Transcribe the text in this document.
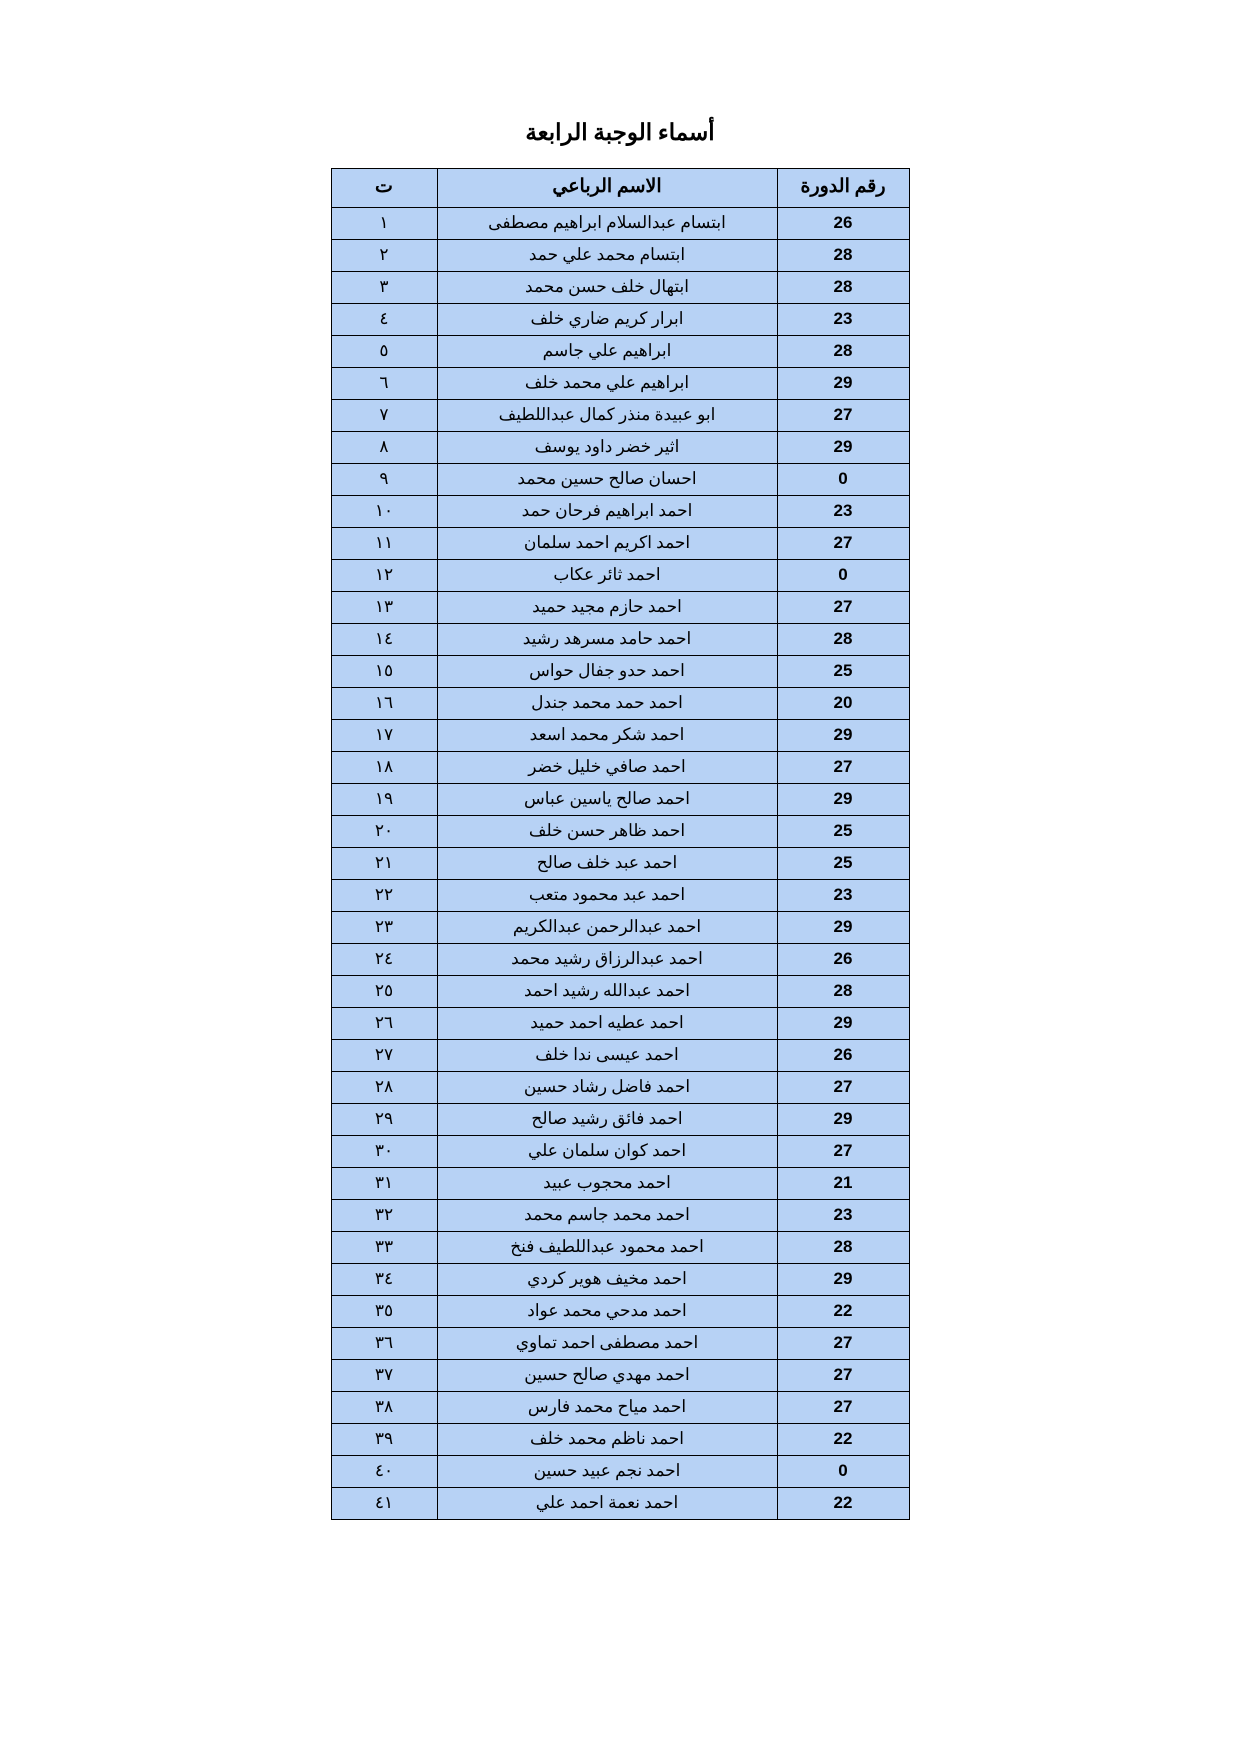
أسماء الوجبة الرابعة
رقم الدورة	الاسم الرباعي	ت
26	ابتسام عبدالسلام ابراهيم مصطفى	١
28	ابتسام محمد علي حمد	٢
28	ابتهال خلف حسن محمد	٣
23	ابرار كريم ضاري خلف	٤
28	ابراهيم علي جاسم	٥
29	ابراهيم علي محمد خلف	٦
27	ابو عبيدة منذر كمال عبداللطيف	٧
29	اثير خضر داود يوسف	٨
0	احسان صالح حسين محمد	٩
23	احمد ابراهيم فرحان حمد	١٠
27	احمد اكريم احمد سلمان	١١
0	احمد ثائر عكاب	١٢
27	احمد حازم مجيد حميد	١٣
28	احمد حامد مسرهد رشيد	١٤
25	احمد حدو جفال حواس	١٥
20	احمد حمد محمد جندل	١٦
29	احمد شكر محمد اسعد	١٧
27	احمد صافي خليل خضر	١٨
29	احمد صالح ياسين عباس	١٩
25	احمد ظاهر حسن خلف	٢٠
25	احمد عبد خلف صالح	٢١
23	احمد عبد محمود متعب	٢٢
29	احمد عبدالرحمن عبدالكريم	٢٣
26	احمد عبدالرزاق رشيد محمد	٢٤
28	احمد عبدالله رشيد احمد	٢٥
29	احمد عطيه احمد حميد	٢٦
26	احمد عيسى ندا خلف	٢٧
27	احمد فاضل رشاد حسين	٢٨
29	احمد فائق رشيد صالح	٢٩
27	احمد كوان سلمان علي	٣٠
21	احمد محجوب عبيد	٣١
23	احمد محمد جاسم محمد	٣٢
28	احمد محمود عبداللطيف فنخ	٣٣
29	احمد مخيف هوير كردي	٣٤
22	احمد مدحي محمد عواد	٣٥
27	احمد مصطفى احمد تماوي	٣٦
27	احمد مهدي صالح حسين	٣٧
27	احمد مياح محمد فارس	٣٨
22	احمد ناظم محمد خلف	٣٩
0	احمد نجم عبيد حسين	٤٠
22	احمد نعمة احمد علي	٤١
